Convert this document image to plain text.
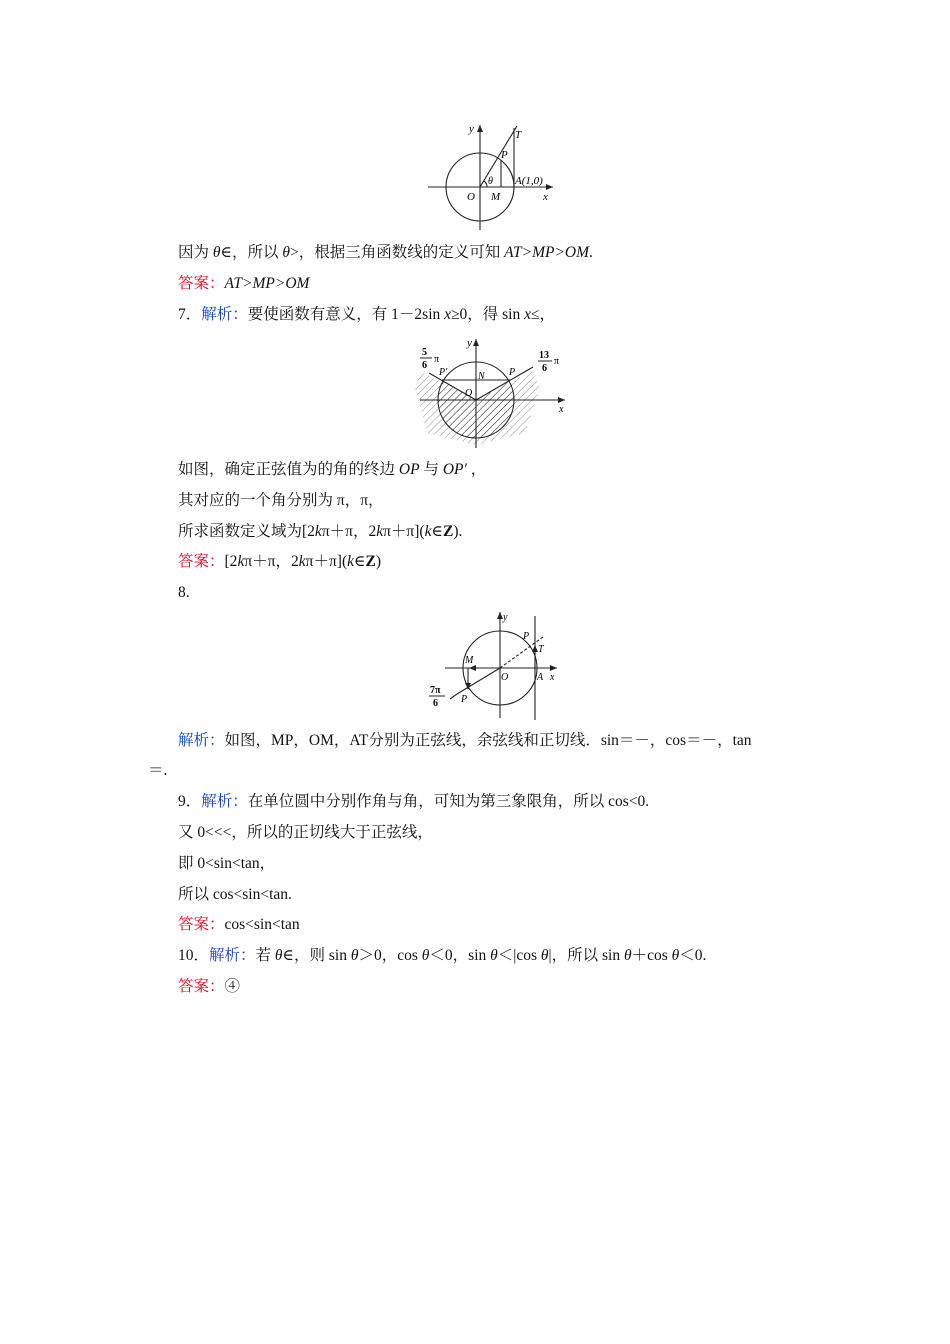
y	T
P
θ A(1,0)
O M	x
因为 θ∈，所以 θ>，根据三角函数线的定义可知 AT>MP>OM.
答案：AT>MP>OM
7．解析：要使函数有意义，有 1－2sin x≥0，得 sin x≤，
y
5
6
π
P′	N P
13
6
π
O
x
如图，确定正弦值为的角的终边 OP 与 OP′ ，
其对应的一个角分别为 π，π，
所求函数定义域为[2kπ＋π，2kπ＋π](k∈Z).
答案：[2kπ＋π，2kπ＋π](k∈Z)
8.
y
P
T
M
O	A x
7π
6 P
解析：如图，MP，OM，AT分别为正弦线，余弦线和正切线．sin＝－，cos＝－，tan
＝.
9．解析：在单位圆中分别作角与角，可知为第三象限角，所以 cos<0.
又 0<<<，所以的正切线大于正弦线，
即 0<sin<tan，
所以 cos<sin<tan.
答案：cos<sin<tan
10．解析：若 θ∈，则 sin θ＞0，cos θ＜0，sin θ＜|cos θ|，所以 sin θ＋cos θ＜0.
答案：④
